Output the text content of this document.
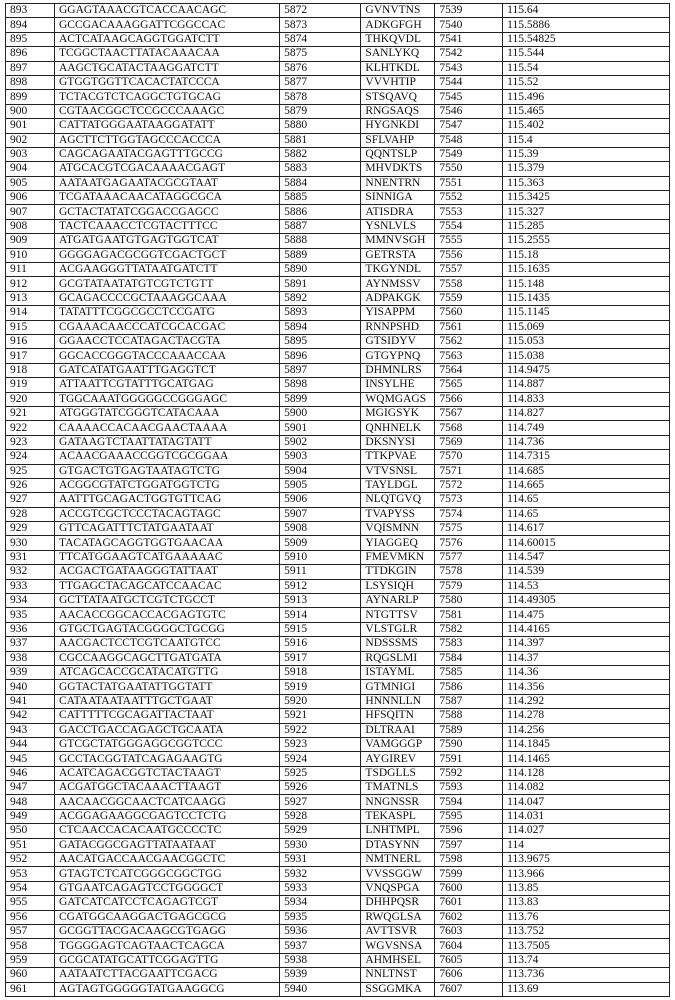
893	GGAGTAAACGTCACCAACAGC	5872	GVNVTNS	7539	115.64
894	GCCGACAAAGGATTCGGCCAC	5873	ADKGFGH	7540	115.5886
895	ACTCATAAGCAGGTGGATCTT	5874	THKQVDL	7541	115.54825
896	TCGGCTAACTTATACAAACAA	5875	SANLYKQ	7542	115.544
897	AAGCTGCATACTAAGGATCTT	5876	KLHTKDL	7543	115.54
898	GTGGTGGTTCACACTATCCCA	5877	VVVHTIP	7544	115.52
899	TCTACGTCTCAGGCTGTGCAG	5878	STSQAVQ	7545	115.496
900	CGTAACGGCTCCGCCCAAAGC	5879	RNGSAQS	7546	115.465
901	CATTATGGGAATAAGGATATT	5880	HYGNKDI	7547	115.402
902	AGCTTCTTGGTAGCCCACCCA	5881	SFLVAHP	7548	115.4
903	CAGCAGAATACGAGTTTGCCG	5882	QQNTSLP	7549	115.39
904	ATGCACGTCGACAAAACGAGT	5883	MHVDKTS	7550	115.379
905	AATAATGAGAATACGCGTAAT	5884	NNENTRN	7551	115.363
906	TCGATAAACAACATAGGCGCA	5885	SINNIGA	7552	115.3425
907	GCTACTATATCGGACCGAGCC	5886	ATISDRA	7553	115.327
908	TACTCAAACCTCGTACTTTCC	5887	YSNLVLS	7554	115.285
909	ATGATGAATGTGAGTGGTCAT	5888	MMNVSGH	7555	115.2555
910	GGGGAGACGCGGTCGACTGCT	5889	GETRSTA	7556	115.18
911	ACGAAGGGTTATAATGATCTT	5890	TKGYNDL	7557	115.1635
912	GCGTATAATATGTCGTCTGTT	5891	AYNMSSV	7558	115.148
913	GCAGACCCCGCTAAAGGCAAA	5892	ADPAKGK	7559	115.1435
914	TATATTTCGGCGCCTCCGATG	5893	YISAPPM	7560	115.1145
915	CGAAACAACCCATCGCACGAC	5894	RNNPSHD	7561	115.069
916	GGAACCTCCATAGACTACGTA	5895	GTSIDYV	7562	115.053
917	GGCACCGGGTACCCAAACCAA	5896	GTGYPNQ	7563	115.038
918	GATCATATGAATTTGAGGTCT	5897	DHMNLRS	7564	114.9475
919	ATTAATTCGTATTTGCATGAG	5898	INSYLHE	7565	114.887
920	TGGCAAATGGGGGCCGGGAGC	5899	WQMGAGS	7566	114.833
921	ATGGGTATCGGGTCATACAAA	5900	MGIGSYK	7567	114.827
922	CAAAACCACAACGAACTAAAA	5901	QNHNELK	7568	114.749
923	GATAAGTCTAATTATAGTATT	5902	DKSNYSI	7569	114.736
924	ACAACGAAACCGGTCGCGGAA	5903	TTKPVAE	7570	114.7315
925	GTGACTGTGAGTAATAGTCTG	5904	VTVSNSL	7571	114.685
926	ACGGCGTATCTGGATGGTCTG	5905	TAYLDGL	7572	114.665
927	AATTTGCAGACTGGTGTTCAG	5906	NLQTGVQ	7573	114.65
928	ACCGTCGCTCCCTACAGTAGC	5907	TVAPYSS	7574	114.65
929	GTTCAGATTTCTATGAATAAT	5908	VQISMNN	7575	114.617
930	TACATAGCAGGTGGTGAACAA	5909	YIAGGEQ	7576	114.60015
931	TTCATGGAAGTCATGAAAAAC	5910	FMEVMKN	7577	114.547
932	ACGACTGATAAGGGTATTAAT	5911	TTDKGIN	7578	114.539
933	TTGAGCTACAGCATCCAACAC	5912	LSYSIQH	7579	114.53
934	GCTTATAATGCTCGTCTGCCT	5913	AYNARLP	7580	114.49305
935	AACACCGGCACCACGAGTGTC	5914	NTGTTSV	7581	114.475
936	GTGCTGAGTACGGGGCTGCGG	5915	VLSTGLR	7582	114.4165
937	AACGACTCCTCGTCAATGTCC	5916	NDSSSMS	7583	114.397
938	CGCCAAGGCAGCTTGATGATA	5917	RQGSLMI	7584	114.37
939	ATCAGCACCGCATACATGTTG	5918	ISTAYML	7585	114.36
940	GGTACTATGAATATTGGTATT	5919	GTMNIGI	7586	114.356
941	CATAATAATAATTTGCTGAAT	5920	HNNNLLN	7587	114.292
942	CATTTTTCGCAGATTACTAAT	5921	HFSQITN	7588	114.278
943	GACCTGACCAGAGCTGCAATA	5922	DLTRAAI	7589	114.256
944	GTCGCTATGGGAGGCGGTCCC	5923	VAMGGGP	7590	114.1845
945	GCCTACGGTATCAGAGAAGTG	5924	AYGIREV	7591	114.1465
946	ACATCAGACGGTCTACTAAGT	5925	TSDGLLS	7592	114.128
947	ACGATGGCTACAAACTTAAGT	5926	TMATNLS	7593	114.082
948	AACAACGGCAACTCATCAAGG	5927	NNGNSSR	7594	114.047
949	ACGGAGAAGGCGAGTCCTCTG	5928	TEKASPL	7595	114.031
950	CTCAACCACACAATGCCCCTC	5929	LNHTMPL	7596	114.027
951	GATACGGCGAGTTATAATAAT	5930	DTASYNN	7597	114
952	AACATGACCAACGAACGGCTC	5931	NMTNERL	7598	113.9675
953	GTAGTCTCATCGGGCGGCTGG	5932	VVSSGGW	7599	113.966
954	GTGAATCAGAGTCCTGGGGCT	5933	VNQSPGA	7600	113.85
955	GATCATCATCCTCAGAGTCGT	5934	DHHPQSR	7601	113.83
956	CGATGGCAAGGACTGAGCGCG	5935	RWQGLSA	7602	113.76
957	GCGGTTACGACAAGCGTGAGG	5936	AVTTSVR	7603	113.752
958	TGGGGAGTCAGTAACTCAGCA	5937	WGVSNSA	7604	113.7505
959	GCGCATATGCATTCGGAGTTG	5938	AHMHSEL	7605	113.74
960	AATAATCTTACGAATTCGACG	5939	NNLTNST	7606	113.736
961	AGTAGTGGGGGTATGAAGGCG	5940	SSGGMKA	7607	113.69
